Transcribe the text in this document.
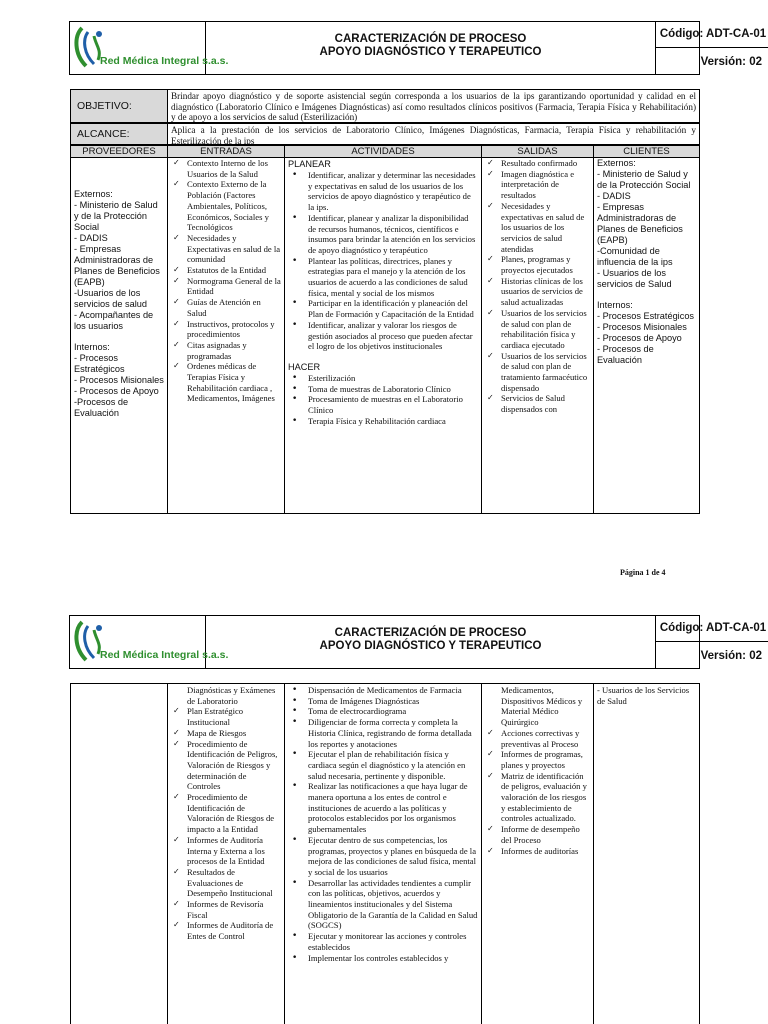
Red Médica Integral s.a.s.
CARACTERIZACIÓN DE PROCESO
APOYO DIAGNÓSTICO Y TERAPEUTICO
Código: ADT-CA-01
Versión: 02
OBJETIVO:
Brindar apoyo diagnóstico y de soporte asistencial según corresponda a los usuarios de la ips garantizando oportunidad y calidad en el diagnóstico (Laboratorio Clínico e Imágenes Diagnósticas) así como resultados clínicos positivos (Farmacia, Terapia Física y Rehabilitación) y de apoyo a los servicios de salud (Esterilización)
ALCANCE:	Aplica a la prestación de los servicios de Laboratorio Clínico, Imágenes Diagnósticas, Farmacia, Terapia Física y rehabilitación y Esterilización de la ips
PROVEEDORES
Externos:
- Ministerio de Salud y de la Protección Social
- DADIS
- Empresas Administradoras de Planes de Beneficios (EAPB)
-Usuarios de los servicios de salud
- Acompañantes de los usuarios
Internos:
- Procesos Estratégicos
- Procesos Misionales
- Procesos de Apoyo
-Procesos de Evaluación
ENTRADAS
✓ Contexto Interno de los Usuarios de la Salud
✓ Contexto Externo de la Población (Factores Ambientales, Políticos, Económicos, Sociales y Tecnológicos
✓ Necesidades y Expectativas en salud de la comunidad
✓ Estatutos de la Entidad
✓ Normograma General de la Entidad
✓ Guías de Atención en Salud
✓ Instructivos, protocolos y procedimientos
✓ Citas asignadas y programadas
✓ Ordenes médicas de Terapias Física y Rehabilitación cardiaca , Medicamentos, Imágenes
ACTIVIDADES
PLANEAR
• Identificar, analizar y determinar las necesidades y expectativas en salud de los usuarios de los servicios de apoyo diagnóstico y terapéutico de la ips.
• Identificar, planear y analizar la disponibilidad de recursos humanos, técnicos, científicos e insumos para brindar la atención en los servicios de apoyo diagnóstico y terapéutico
• Plantear las políticas, directrices, planes y estrategias para el manejo y la atención de los usuarios de acuerdo a las condiciones de salud física, mental y social de los mismos
• Participar en la identificación y planeación del Plan de Formación y Capacitación de la Entidad
• Identificar, analizar y valorar los riesgos de gestión asociados al proceso que pueden afectar el logro de los objetivos institucionales
HACER
• Esterilización
• Toma de muestras de Laboratorio Clínico
• Procesamiento de muestras en el Laboratorio Clínico
• Terapia Física y Rehabilitación cardiaca
SALIDAS
✓ Resultado confirmado
✓ Imagen diagnóstica e interpretación de resultados
✓ Necesidades y expectativas en salud de los usuarios de los servicios de salud atendidas
✓ Planes, programas y proyectos ejecutados
✓ Historias clínicas de los usuarios de servicios de salud actualizadas
✓ Usuarios de los servicios de salud con plan de rehabilitación física y cardiaca ejecutado
✓ Usuarios de los servicios de salud con plan de tratamiento farmacéutico dispensado
✓ Servicios de Salud dispensados con
CLIENTES
Externos:
- Ministerio de Salud y de la Protección Social
- DADIS
- Empresas Administradoras de Planes de Beneficios (EAPB)
-Comunidad de influencia de la ips
- Usuarios de los servicios de Salud
Internos:
- Procesos Estratégicos
- Procesos Misionales
- Procesos de Apoyo
- Procesos de Evaluación
Página 1 de 4
Red Médica Integral s.a.s.
CARACTERIZACIÓN DE PROCESO
APOYO DIAGNÓSTICO Y TERAPEUTICO
Código: ADT-CA-01
Versión: 02
Diagnósticas y Exámenes de Laboratorio
✓ Plan Estratégico Institucional
✓ Mapa de Riesgos
✓ Procedimiento de Identificación de Peligros, Valoración de Riesgos y determinación de Controles
✓ Procedimiento de Identificación de Valoración de Riesgos de impacto a la Entidad
✓ Informes de Auditoría Interna y Externa a los procesos de la Entidad
✓ Resultados de Evaluaciones de Desempeño Institucional
✓ Informes de Revisoría Fiscal
✓ Informes de Auditoría de Entes de Control
• Dispensación de Medicamentos de Farmacia
• Toma de Imágenes Diagnósticas
• Toma de electrocardiograma
• Diligenciar de forma correcta y completa la Historia Clínica, registrando de forma detallada los reportes y anotaciones
• Ejecutar el plan de rehabilitación física y cardiaca según el diagnóstico y la atención en salud necesaria, pertinente y disponible.
• Realizar las notificaciones a que haya lugar de manera oportuna a los entes de control e instituciones de acuerdo a las políticas y protocolos establecidos por los organismos gubernamentales
• Ejecutar dentro de sus competencias, los programas, proyectos y planes en búsqueda de la mejora de las condiciones de salud física, mental y social de los usuarios
• Desarrollar las actividades tendientes a cumplir con las políticas, objetivos, acuerdos y lineamientos institucionales y del Sistema Obligatorio de la Garantía de la Calidad en Salud (SOGCS)
• Ejecutar y monitorear las acciones y controles establecidos
• Implementar los controles establecidos y
Medicamentos, Dispositivos Médicos y Material Médico Quirúrgico
✓ Acciones correctivas y preventivas al Proceso
✓ Informes de programas, planes y proyectos
✓ Matriz de identificación de peligros, evaluación y valoración de los riesgos y establecimiento de controles actualizado.
✓ Informe de desempeño del Proceso
✓ Informes de auditorías
- Usuarios de los Servicios de Salud
